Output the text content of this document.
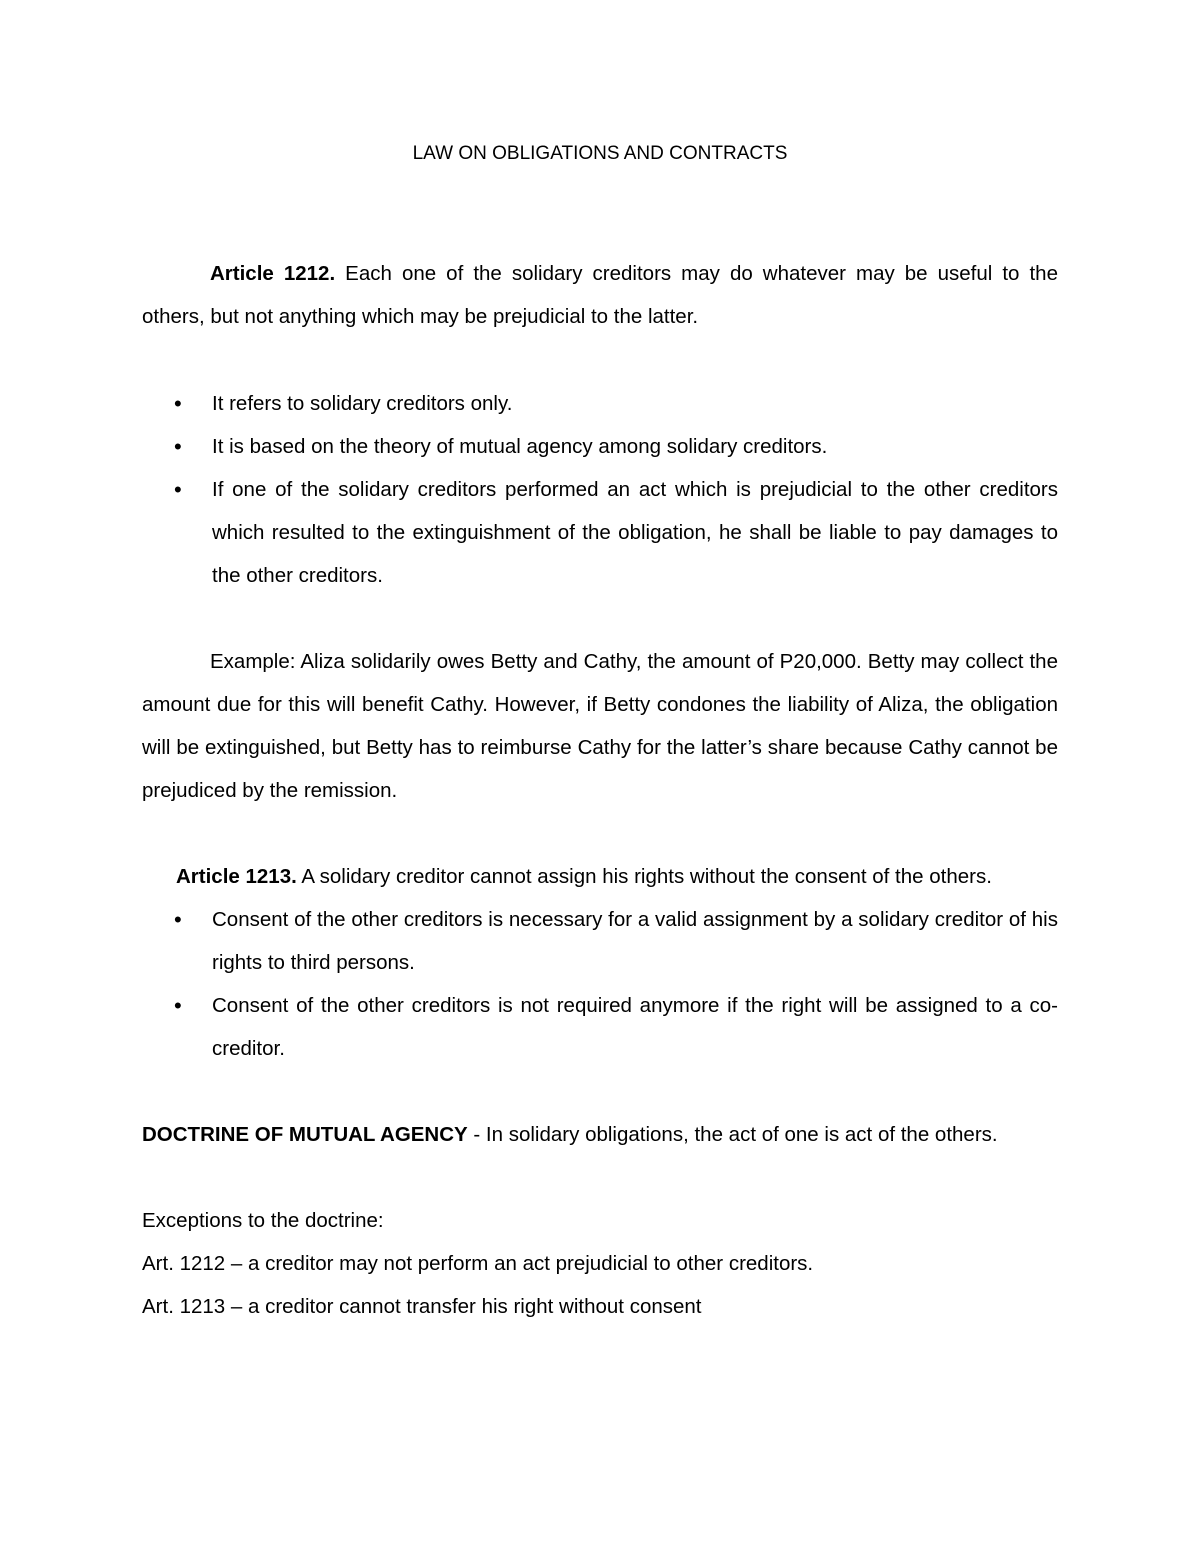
LAW ON OBLIGATIONS AND CONTRACTS
Article 1212. Each one of the solidary creditors may do whatever may be useful to the others, but not anything which may be prejudicial to the latter.
• It refers to solidary creditors only.
• It is based on the theory of mutual agency among solidary creditors.
• If one of the solidary creditors performed an act which is prejudicial to the other creditors which resulted to the extinguishment of the obligation, he shall be liable to pay damages to the other creditors.
Example: Aliza solidarily owes Betty and Cathy, the amount of P20,000. Betty may collect the amount due for this will benefit Cathy. However, if Betty condones the liability of Aliza, the obligation will be extinguished, but Betty has to reimburse Cathy for the latter’s share because Cathy cannot be prejudiced by the remission.
Article 1213. A solidary creditor cannot assign his rights without the consent of the others.
• Consent of the other creditors is necessary for a valid assignment by a solidary creditor of his rights to third persons.
• Consent of the other creditors is not required anymore if the right will be assigned to a co-creditor.
DOCTRINE OF MUTUAL AGENCY - In solidary obligations, the act of one is act of the others.
Exceptions to the doctrine:
Art. 1212 – a creditor may not perform an act prejudicial to other creditors.
Art. 1213 – a creditor cannot transfer his right without consent
